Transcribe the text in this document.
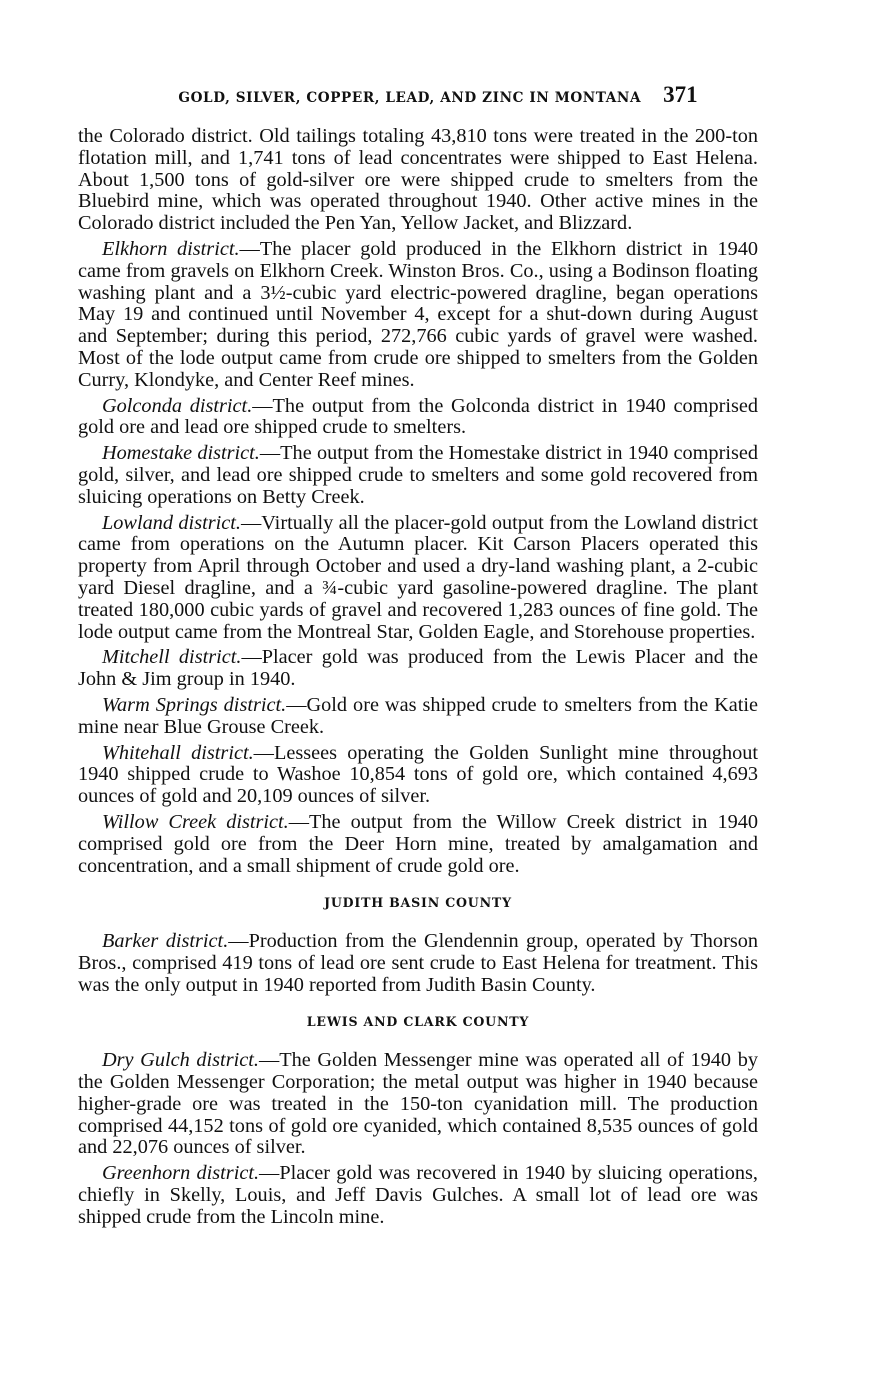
GOLD, SILVER, COPPER, LEAD, AND ZINC IN MONTANA 371

the Colorado district. Old tailings totaling 43,810 tons were treated in the 200-ton flotation mill, and 1,741 tons of lead concentrates were shipped to East Helena. About 1,500 tons of gold-silver ore were shipped crude to smelters from the Bluebird mine, which was operated throughout 1940. Other active mines in the Colorado district included the Pen Yan, Yellow Jacket, and Blizzard.

Elkhorn district.—The placer gold produced in the Elkhorn district in 1940 came from gravels on Elkhorn Creek. Winston Bros. Co., using a Bodinson floating washing plant and a 3½-cubic yard electric-powered dragline, began operations May 19 and continued until November 4, except for a shut-down during August and September; during this period, 272,766 cubic yards of gravel were washed. Most of the lode output came from crude ore shipped to smelters from the Golden Curry, Klondyke, and Center Reef mines.

Golconda district.—The output from the Golconda district in 1940 comprised gold ore and lead ore shipped crude to smelters.

Homestake district.—The output from the Homestake district in 1940 comprised gold, silver, and lead ore shipped crude to smelters and some gold recovered from sluicing operations on Betty Creek.

Lowland district.—Virtually all the placer-gold output from the Lowland district came from operations on the Autumn placer. Kit Carson Placers operated this property from April through October and used a dry-land washing plant, a 2-cubic yard Diesel dragline, and a ¾-cubic yard gasoline-powered dragline. The plant treated 180,000 cubic yards of gravel and recovered 1,283 ounces of fine gold. The lode output came from the Montreal Star, Golden Eagle, and Storehouse properties.

Mitchell district.—Placer gold was produced from the Lewis Placer and the John & Jim group in 1940.

Warm Springs district.—Gold ore was shipped crude to smelters from the Katie mine near Blue Grouse Creek.

Whitehall district.—Lessees operating the Golden Sunlight mine throughout 1940 shipped crude to Washoe 10,854 tons of gold ore, which contained 4,693 ounces of gold and 20,109 ounces of silver.

Willow Creek district.—The output from the Willow Creek district in 1940 comprised gold ore from the Deer Horn mine, treated by amalgamation and concentration, and a small shipment of crude gold ore.

JUDITH BASIN COUNTY

Barker district.—Production from the Glendennin group, operated by Thorson Bros., comprised 419 tons of lead ore sent crude to East Helena for treatment. This was the only output in 1940 reported from Judith Basin County.

LEWIS AND CLARK COUNTY

Dry Gulch district.—The Golden Messenger mine was operated all of 1940 by the Golden Messenger Corporation; the metal output was higher in 1940 because higher-grade ore was treated in the 150-ton cyanidation mill. The production comprised 44,152 tons of gold ore cyanided, which contained 8,535 ounces of gold and 22,076 ounces of silver.

Greenhorn district.—Placer gold was recovered in 1940 by sluicing operations, chiefly in Skelly, Louis, and Jeff Davis Gulches. A small lot of lead ore was shipped crude from the Lincoln mine.
